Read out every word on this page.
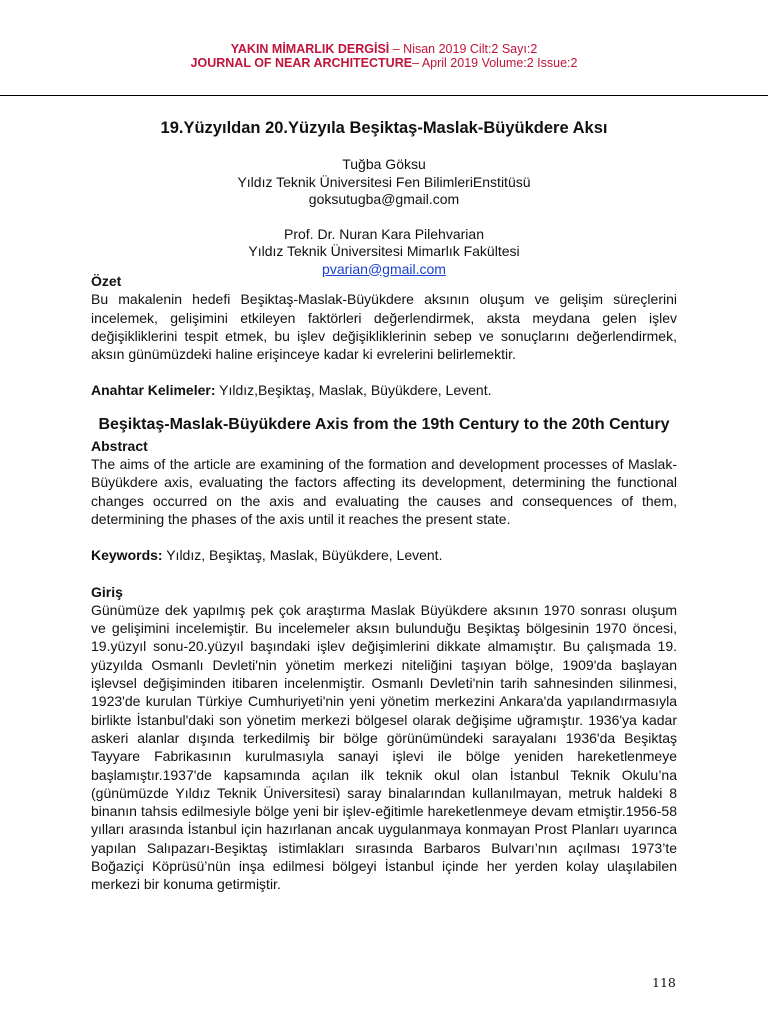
YAKIN MİMARLIK DERGİSİ – Nisan 2019 Cilt:2 Sayı:2
JOURNAL OF NEAR ARCHITECTURE– April 2019 Volume:2 Issue:2
19.Yüzyıldan 20.Yüzyıla Beşiktaş-Maslak-Büyükdere Aksı
Tuğba Göksu
Yıldız Teknik Üniversitesi Fen BilimleriEnstitüsü
goksutugba@gmail.com
Prof. Dr. Nuran Kara Pilehvarian
Yıldız Teknik Üniversitesi Mimarlık Fakültesi
pvarian@gmail.com
Özet

Bu makalenin hedefi Beşiktaş-Maslak-Büyükdere aksının oluşum ve gelişim süreçlerini incelemek, gelişimini etkileyen faktörleri değerlendirmek, aksta meydana gelen işlev değişikliklerini tespit etmek, bu işlev değişikliklerinin sebep ve sonuçlarını değerlendirmek, aksın günümüzdeki haline erişinceye kadar ki evrelerini belirlemektir.

Anahtar Kelimeler: Yıldız,Beşiktaş, Maslak, Büyükdere, Levent.

Beşiktaş-Maslak-Büyükdere Axis from the 19th Century to the 20th Century
Abstract

The aims of the article are examining of the formation and development processes of Maslak-Büyükdere axis, evaluating the factors affecting its development, determining the functional changes occurred on the axis and evaluating the causes and consequences of them, determining the phases of the axis until it reaches the present state.

Keywords: Yıldız, Beşiktaş, Maslak, Büyükdere, Levent.

Giriş

Günümüze dek yapılmış pek çok araştırma Maslak Büyükdere aksının 1970 sonrası oluşum ve gelişimini incelemiştir. Bu incelemeler aksın bulunduğu Beşiktaş bölgesinin 1970 öncesi, 19.yüzyıl sonu-20.yüzyıl başındaki işlev değişimlerini dikkate almamıştır. Bu çalışmada 19. yüzyılda Osmanlı Devleti'nin yönetim merkezi niteliğini taşıyan bölge, 1909'da başlayan işlevsel değişiminden itibaren incelenmiştir. Osmanlı Devleti'nin tarih sahnesinden silinmesi, 1923'de kurulan Türkiye Cumhuriyeti'nin yeni yönetim merkezini Ankara'da yapılandırmasıyla birlikte İstanbul'daki son yönetim merkezi bölgesel olarak değişime uğramıştır. 1936'ya kadar askeri alanlar dışında terkedilmiş bir bölge görünümündeki sarayalanı 1936'da Beşiktaş Tayyare Fabrikasının kurulmasıyla sanayi işlevi ile bölge yeniden hareketlenmeye başlamıştır.1937'de kapsamında açılan ilk teknik okul olan İstanbul Teknik Okulu’na (günümüzde Yıldız Teknik Üniversitesi) saray binalarından kullanılmayan, metruk haldeki 8 binanın tahsis edilmesiyle bölge yeni bir işlev-eğitimle hareketlenmeye devam etmiştir.1956-58 yılları arasında İstanbul için hazırlanan ancak uygulanmaya konmayan Prost Planları uyarınca yapılan Salıpazarı-Beşiktaş istimlakları sırasında Barbaros Bulvarı’nın açılması 1973’te Boğaziçi Köprüsü’nün inşa edilmesi bölgeyi İstanbul içinde her yerden kolay ulaşılabilen merkezi bir konuma getirmiştir.

118
